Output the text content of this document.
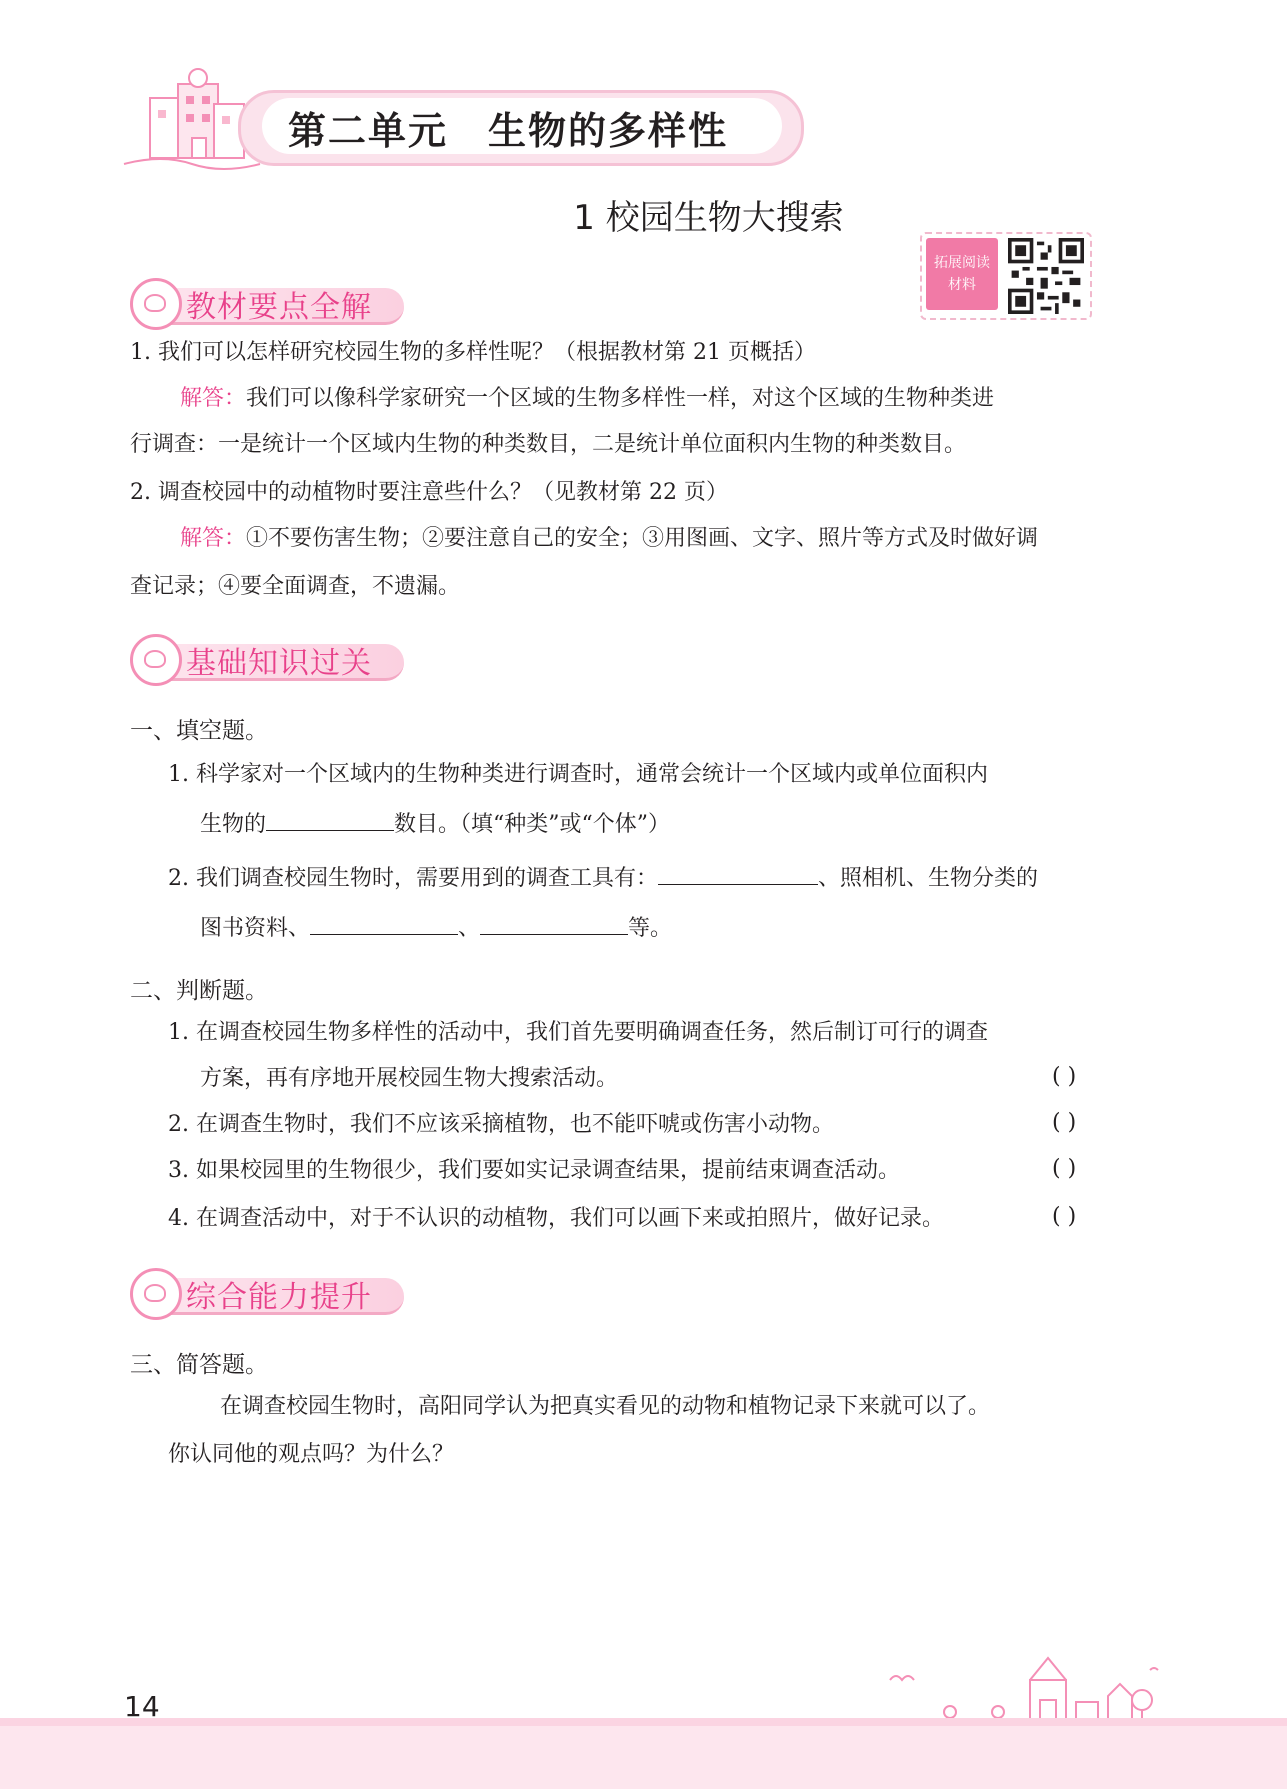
第二单元　生物的多样性
1 校园生物大搜索
拓展阅读
材料
教材要点全解
1. 我们可以怎样研究校园生物的多样性呢？（根据教材第 21 页概括）
解答：我们可以像科学家研究一个区域的生物多样性一样，对这个区域的生物种类进
行调查：一是统计一个区域内生物的种类数目，二是统计单位面积内生物的种类数目。
2. 调查校园中的动植物时要注意些什么？（见教材第 22 页）
解答：①不要伤害生物；②要注意自己的安全；③用图画、文字、照片等方式及时做好调
查记录；④要全面调查，不遗漏。
基础知识过关
一、填空题。
1. 科学家对一个区域内的生物种类进行调查时，通常会统计一个区域内或单位面积内
生物的	数目。（填“种类”或“个体”）
2. 我们调查校园生物时，需要用到的调查工具有：	、照相机、生物分类的
图书资料、	、	等。
二、判断题。
1. 在调查校园生物多样性的活动中，我们首先要明确调查任务，然后制订可行的调查
方案，再有序地开展校园生物大搜索活动。	( )
2. 在调查生物时，我们不应该采摘植物，也不能吓唬或伤害小动物。	( )
3. 如果校园里的生物很少，我们要如实记录调查结果，提前结束调查活动。	( )
4. 在调查活动中，对于不认识的动植物，我们可以画下来或拍照片，做好记录。	( )
综合能力提升
三、简答题。
在调查校园生物时，高阳同学认为把真实看见的动物和植物记录下来就可以了。
你认同他的观点吗？为什么？
14
